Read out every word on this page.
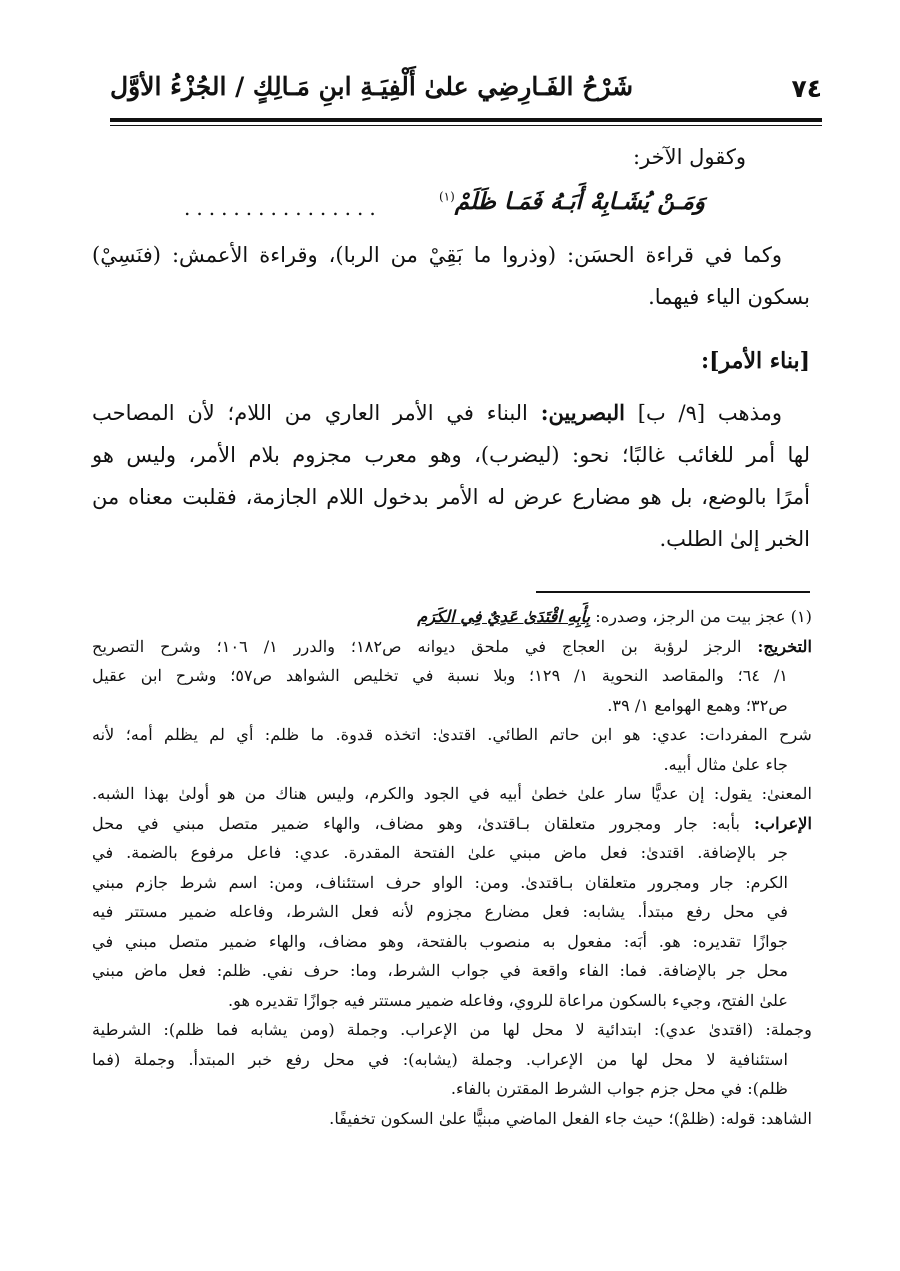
شَرْحُ الفَـارِضِي علىٰ أَلْفِيَـةِ ابنِ مَـالِكٍ / الجُزْءُ الأوَّل	٧٤

وكقول الآخر:

................	وَمَـنْ يُشَـابِهْ أَبَـهُ فَمَـا ظَلَمْ$^{(١)}$

وكما في قراءة الحسَن: (وذروا ما بَقِيْ من الربا)، وقراءة الأعمش: (فنَسِيْ)

بسكون الياء فيهما.

[بناء الأمر]:

ومذهب [٩/ ب] البصريين: البناء في الأمر العاري من اللام؛ لأن المصاحب

لها أمر للغائب غالبًا؛ نحو: (ليضرب)، وهو معرب مجزوم بلام الأمر، وليس هو

أمرًا بالوضع، بل هو مضارع عرض له الأمر بدخول اللام الجازمة، فقلبت معناه من

الخبر إلىٰ الطلب.

(١) عجز بيت من الرجز، وصدره: بِأَبِهِ اقْتَدَىٰ عَدِيٌ فِي الكَرَم

التخريج: الرجز لرؤبة بن العجاج في ملحق ديوانه ص١٨٢؛ والدرر ١/ ١٠٦؛ وشرح التصريح

١/ ٦٤؛ والمقاصد النحوية ١/ ١٢٩؛ وبلا نسبة في تخليص الشواهد ص٥٧؛ وشرح ابن عقيل

ص٣٢؛ وهمع الهوامع ١/ ٣٩.

شرح المفردات: عدي: هو ابن حاتم الطائي. اقتدىٰ: اتخذه قدوة. ما ظلم: أي لم يظلم أمه؛ لأنه

جاء علىٰ مثال أبيه.

المعنىٰ: يقول: إن عديًّا سار علىٰ خطىٰ أبيه في الجود والكرم، وليس هناك من هو أولىٰ بهذا الشبه.

الإعراب: بأبه: جار ومجرور متعلقان بـاقتدىٰ، وهو مضاف، والهاء ضمير متصل مبني في محل

جر بالإضافة. اقتدىٰ: فعل ماض مبني علىٰ الفتحة المقدرة. عدي: فاعل مرفوع بالضمة. في

الكرم: جار ومجرور متعلقان بـاقتدىٰ. ومن: الواو حرف استئناف، ومن: اسم شرط جازم مبني

في محل رفع مبتدأ. يشابه: فعل مضارع مجزوم لأنه فعل الشرط، وفاعله ضمير مستتر فيه

جوازًا تقديره: هو. أبَه: مفعول به منصوب بالفتحة، وهو مضاف، والهاء ضمير متصل مبني في

محل جر بالإضافة. فما: الفاء واقعة في جواب الشرط، وما: حرف نفي. ظلم: فعل ماض مبني

علىٰ الفتح، وجيء بالسكون مراعاة للروي، وفاعله ضمير مستتر فيه جوازًا تقديره هو.

وجملة: (اقتدىٰ عدي): ابتدائية لا محل لها من الإعراب. وجملة (ومن يشابه فما ظلم): الشرطية

استئنافية لا محل لها من الإعراب. وجملة (يشابه): في محل رفع خبر المبتدأ. وجملة (فما

ظلم): في محل جزم جواب الشرط المقترن بالفاء.

الشاهد: قوله: (ظلمْ)؛ حيث جاء الفعل الماضي مبنيًّا علىٰ السكون تخفيفًا.
